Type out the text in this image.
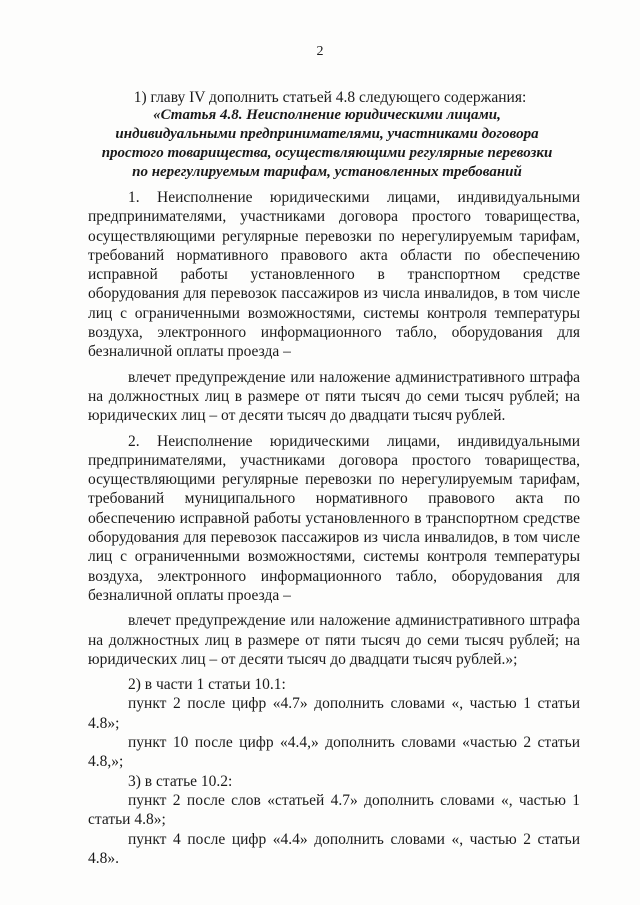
2
1) главу IV дополнить статьей 4.8 следующего содержания:
«Статья 4.8. Неисполнение юридическими лицами, индивидуальными предпринимателями, участниками договора простого товарищества, осуществляющими регулярные перевозки по нерегулируемым тарифам, установленных требований

1. Неисполнение юридическими лицами, индивидуальными предпринимателями, участниками договора простого товарищества, осуществляющими регулярные перевозки по нерегулируемым тарифам, требований нормативного правового акта области по обеспечению исправной работы установленного в транспортном средстве оборудования для перевозок пассажиров из числа инвалидов, в том числе лиц с ограниченными возможностями, системы контроля температуры воздуха, электронного информационного табло, оборудования для безналичной оплаты проезда –

влечет предупреждение или наложение административного штрафа на должностных лиц в размере от пяти тысяч до семи тысяч рублей; на юридических лиц – от десяти тысяч до двадцати тысяч рублей.

2. Неисполнение юридическими лицами, индивидуальными предпринимателями, участниками договора простого товарищества, осуществляющими регулярные перевозки по нерегулируемым тарифам, требований муниципального нормативного правового акта по обеспечению исправной работы установленного в транспортном средстве оборудования для перевозок пассажиров из числа инвалидов, в том числе лиц с ограниченными возможностями, системы контроля температуры воздуха, электронного информационного табло, оборудования для безналичной оплаты проезда –

влечет предупреждение или наложение административного штрафа на должностных лиц в размере от пяти тысяч до семи тысяч рублей; на юридических лиц – от десяти тысяч до двадцати тысяч рублей.»;

2) в части 1 статьи 10.1:

пункт 2 после цифр «4.7» дополнить словами «, частью 1 статьи 4.8»;

пункт 10 после цифр «4.4,» дополнить словами «частью 2 статьи 4.8,»;

3) в статье 10.2:

пункт 2 после слов «статьей 4.7» дополнить словами «, частью 1 статьи 4.8»;

пункт 4 после цифр «4.4» дополнить словами «, частью 2 статьи 4.8».
